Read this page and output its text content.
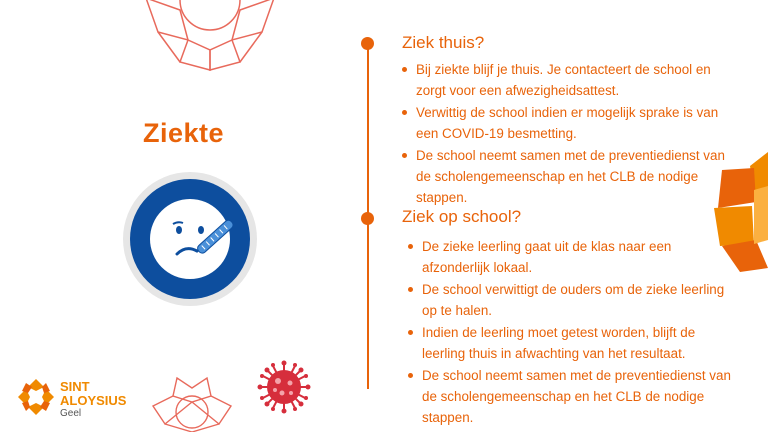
Ziekte
Ziek thuis?
Bij ziekte blijf je thuis. Je contacteert de school en zorgt voor een afwezigheidsattest.
Verwittig de school indien er mogelijk sprake is van een COVID-19 besmetting.
De school neemt samen met de preventiedienst van de scholengemeenschap en het CLB de nodige stappen.
Ziek op school?
De zieke leerling gaat uit de klas naar een afzonderlijk lokaal.
De school verwittigt de ouders om de zieke leerling op te halen.
Indien de leerling moet getest worden, blijft de leerling thuis in afwachting van het resultaat.
De school neemt samen met de preventiedienst van de scholengemeenschap en het CLB de nodige stappen.
SINT
ALOYSIUS
Geel
